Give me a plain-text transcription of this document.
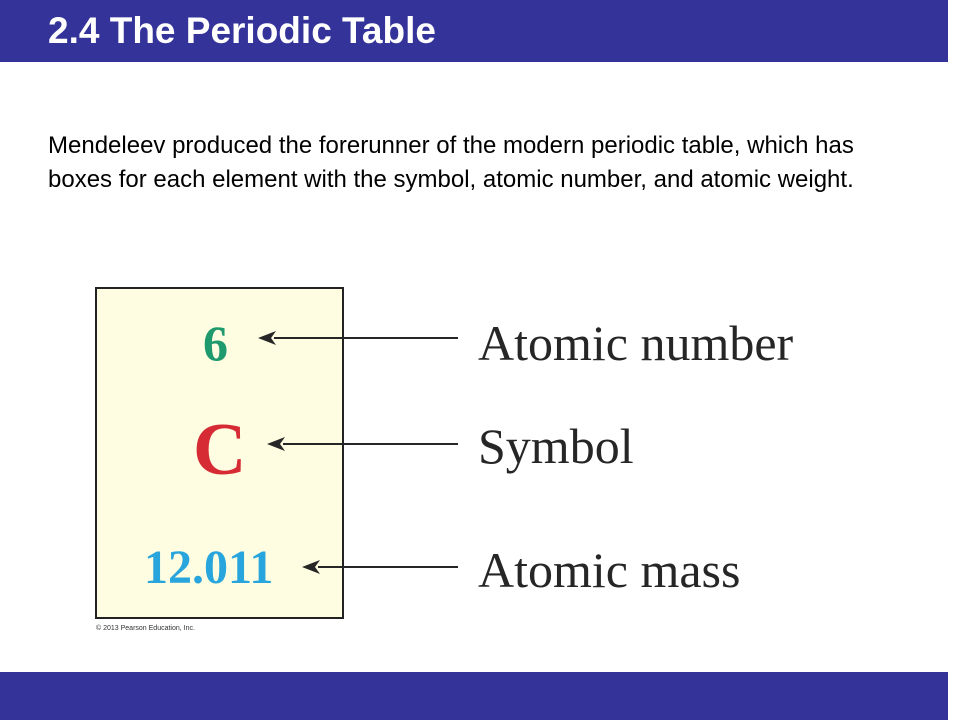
2.4 The Periodic Table
Mendeleev produced the forerunner of the modern periodic table, which has boxes for each element with the symbol, atomic number, and atomic weight.
6
C
12.011
Atomic number
Symbol
Atomic mass
© 2013 Pearson Education, Inc.
